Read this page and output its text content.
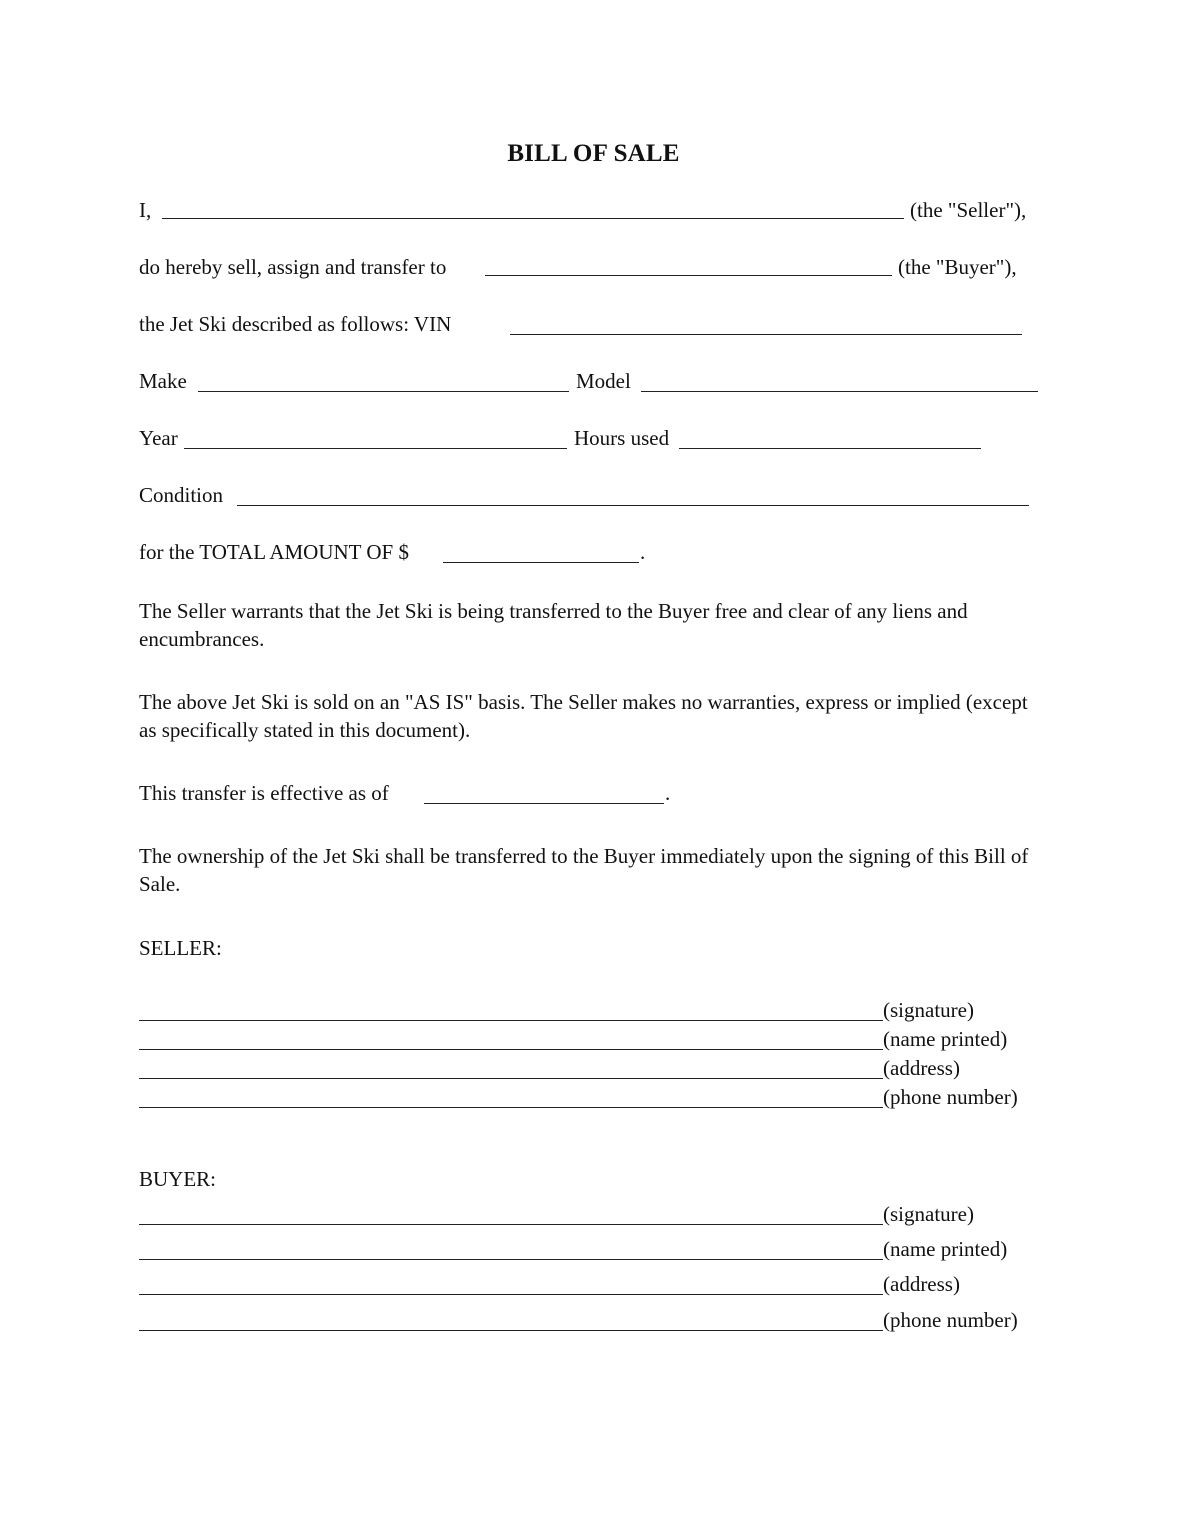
BILL OF SALE
I,	(the "Seller"),
do hereby sell, assign and transfer to	(the "Buyer"),
the Jet Ski described as follows: VIN
Make	Model
Year	Hours used
Condition
for the TOTAL AMOUNT OF $	.
The Seller warrants that the Jet Ski is being transferred to the Buyer free and clear of any liens and encumbrances.
The above Jet Ski is sold on an "AS IS" basis. The Seller makes no warranties, express or implied (except as specifically stated in this document).
This transfer is effective as of	.
The ownership of the Jet Ski shall be transferred to the Buyer immediately upon the signing of this Bill of Sale.
SELLER:
(signature)
(name printed)
(address)
(phone number)
BUYER:
(signature)
(name printed)
(address)
(phone number)
